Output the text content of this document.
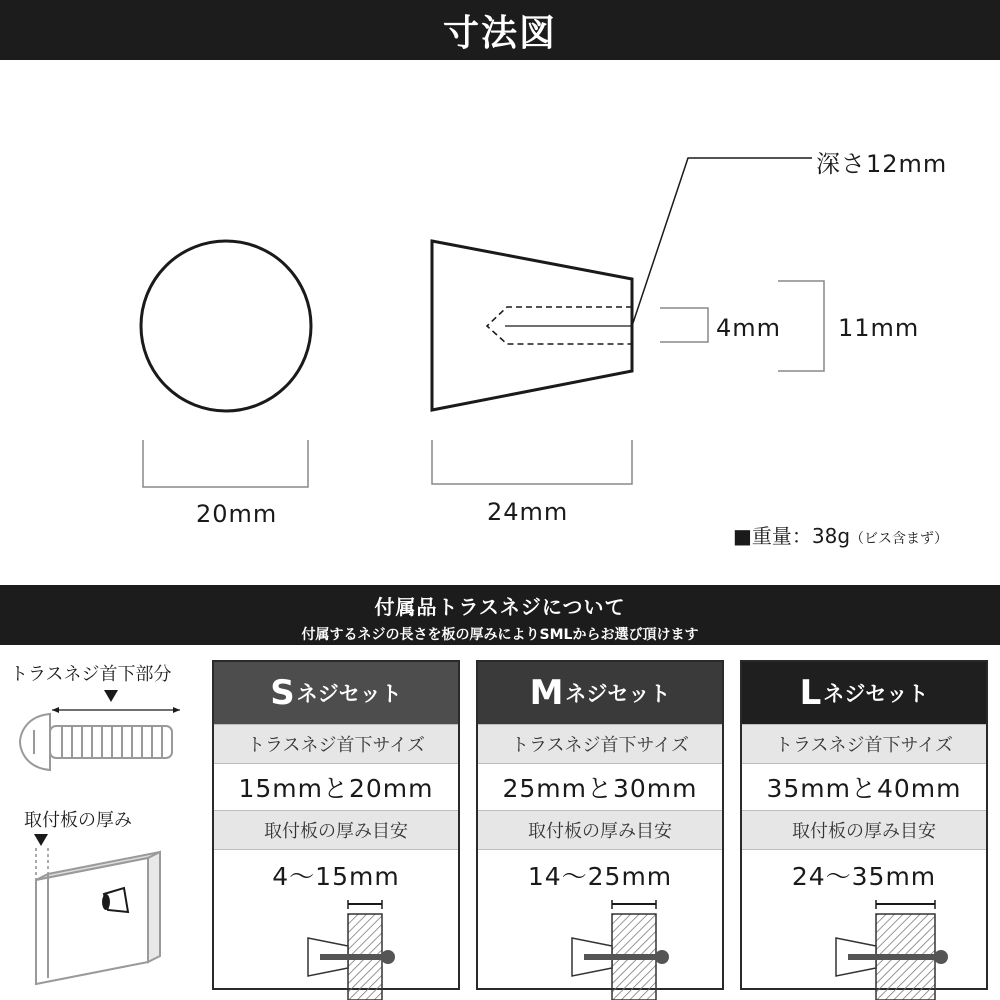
寸法図
深さ12mm
4mm 11mm
20mm	24mm
■重量：38g（ビス含まず）
付属品トラスネジについて
付属するネジの長さを板の厚みによりSMLからお選び頂けます
トラスネジ首下部分
取付板の厚み
S ネジセット
トラスネジ首下サイズ
15mmと20mm
取付板の厚み目安
4〜15mm
M ネジセット
トラスネジ首下サイズ
25mmと30mm
取付板の厚み目安
14〜25mm
L ネジセット
トラスネジ首下サイズ
35mmと40mm
取付板の厚み目安
24〜35mm
